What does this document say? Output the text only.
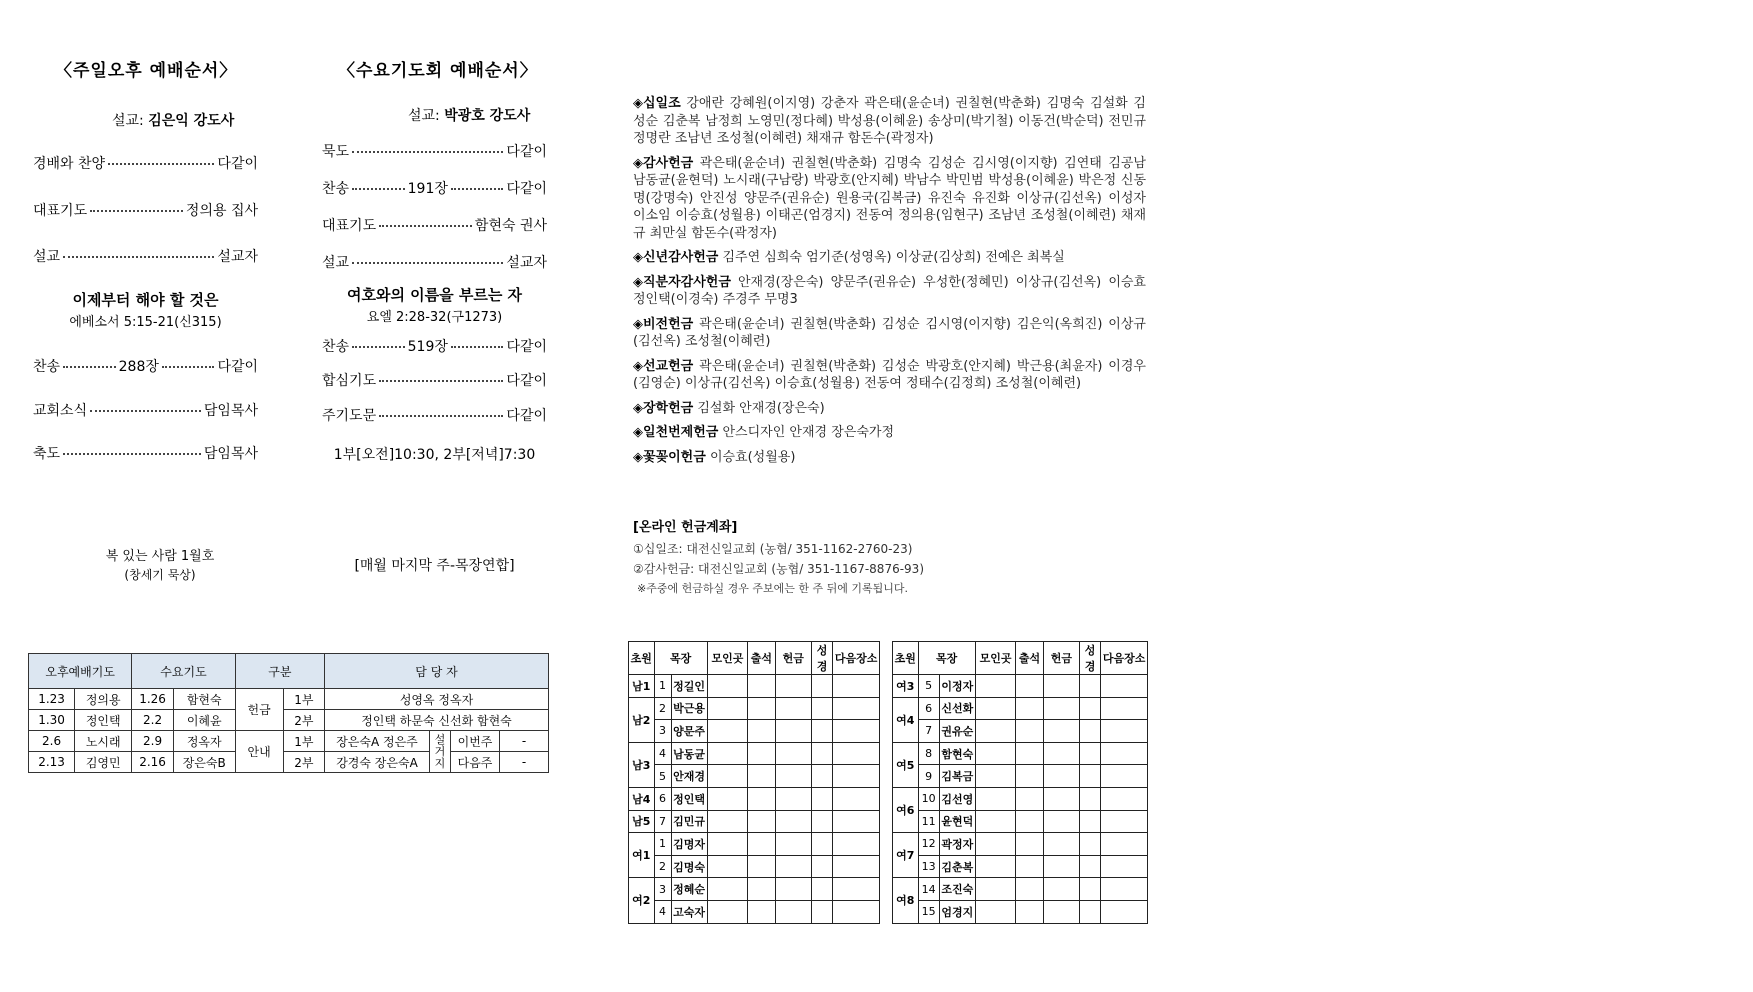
〈주일오후 예배순서〉
설교: 김은익 강도사
경배와 찬양	다같이
대표기도	정의용 집사
설교	설교자
이제부터 해야 할 것은
에베소서 5:15-21(신315)
찬송	288장	다같이
교회소식	담임목사
축도	담임목사
복 있는 사람 1월호
(창세기 묵상)
〈수요기도회 예배순서〉
설교: 박광호 강도사
묵도	다같이
찬송	191장	다같이
대표기도	함현숙 권사
설교	설교자
여호와의 이름을 부르는 자
요엘 2:28-32(구1273)
찬송	519장	다같이
합심기도	다같이
주기도문	다같이
1부[오전]10:30, 2부[저녁]7:30
[매월 마지막 주-목장연합]

◈십일조 강애란 강혜원(이지영) 강춘자 곽은태(윤순녀) 권칠현(박춘화) 김명숙 김설화 김성순 김춘복 남정희 노영민(정다혜) 박성용(이혜윤) 송상미(박기철) 이동건(박순덕) 전민규 정명란 조남년 조성철(이혜련) 채재규 함돈수(곽정자)

◈감사헌금 곽은태(윤순녀) 권칠현(박춘화) 김명숙 김성순 김시영(이지향) 김연태 김공남 남동균(윤현덕) 노시래(구남랑) 박광호(안지혜) 박남수 박민범 박성용(이혜윤) 박은정 신동명(강명숙) 안진성 양문주(권유순) 원용국(김복금) 유진숙 유진화 이상규(김선옥) 이성자 이소임 이승효(성월용) 이태곤(엄경지) 전동여 정의용(임현구) 조남년 조성철(이혜련) 채재규 최만실 함돈수(곽정자)

◈신년감사헌금 김주연 심희숙 엄기준(성영옥) 이상균(김상희) 전예은 최복실

◈직분자감사헌금 안재경(장은숙) 양문주(권유순) 우성한(정혜민) 이상규(김선옥) 이승효 정인택(이경숙) 주경주 무명3

◈비전헌금 곽은태(윤순녀) 권칠현(박춘화) 김성순 김시영(이지향) 김은익(옥희진) 이상규(김선옥) 조성철(이혜련)

◈선교헌금 곽은태(윤순녀) 권칠현(박춘화) 김성순 박광호(안지혜) 박근용(최윤자) 이경우(김영순) 이상규(김선옥) 이승효(성월용) 전동여 정태수(김정희) 조성철(이혜련)

◈장학헌금 김설화 안재경(장은숙)

◈일천번제헌금 안스디자인 안재경 장은숙가정

◈꽃꽂이헌금 이승효(성월용)

[온라인 헌금계좌]
①십일조: 대전신일교회 (농협/ 351-1162-2760-23)
②감사헌금: 대전신일교회 (농협/ 351-1167-8876-93)
※주중에 헌금하실 경우 주보에는 한 주 뒤에 기록됩니다.
오후예배기도		수요기도		구분		담 당 자			
1.23	정의용	1.26	함현숙	헌금	1부	성영옥 정옥자			
1.30	정인택	2.2	이혜윤		2부	정인택 하문숙 신선화 함현숙			
2.6	노시래	2.9	정옥자	안내	1부	장은숙A 정은주	설거지	이번주	-
2.13	김영민	2.16	장은숙B		2부	강경숙 장은숙A		다음주	-
초원	목장		모인곳	출석	헌금	성경	다음장소
남1	1	정길인					
남2	2	박근용					
	3	양문주					
남3	4	남동균					
	5	안재경					
남4	6	정인택					
남5	7	김민규					
여1	1	김명자					
	2	김명숙					
여2	3	정혜순					
	4	고숙자					
초원	목장		모인곳	출석	헌금	성경	다음장소
여3	5	이정자					
여4	6	신선화					
	7	권유순					
여5	8	함현숙					
	9	김복금					
여6	10	김선영					
	11	윤현덕					
여7	12	곽정자					
	13	김춘복					
여8	14	조진숙					
	15	엄경지					
